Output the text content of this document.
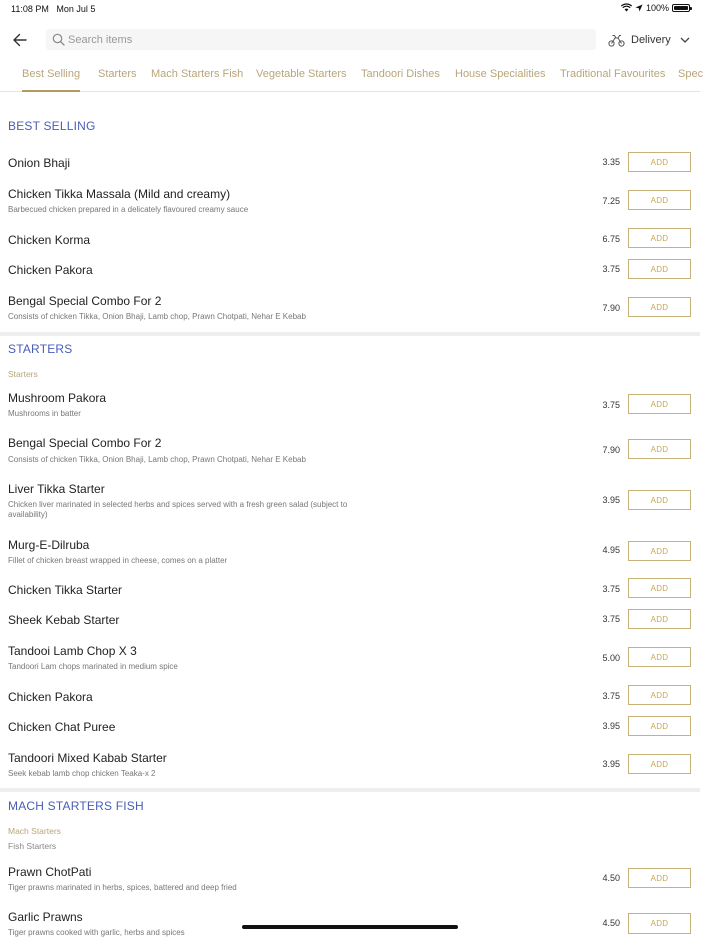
11:08 PM Mon Jul 5	100%
Search items
Delivery
Best Selling Starters Mach Starters Fish Vegetable Starters Tandoori Dishes House Specialities Traditional Favourites Spec
BEST SELLING
Onion Bhaji	3.35	ADD
Chicken Tikka Massala (Mild and creamy)
Barbecued chicken prepared in a delicately flavoured creamy sauce
7.25	ADD
Chicken Korma	6.75	ADD
Chicken Pakora	3.75	ADD
Bengal Special Combo For 2
Consists of chicken Tikka, Onion Bhaji, Lamb chop, Prawn Chotpati, Nehar E Kebab
7.90	ADD
STARTERS
Starters
Mushroom Pakora
Mushrooms in batter
3.75	ADD
Bengal Special Combo For 2
Consists of chicken Tikka, Onion Bhaji, Lamb chop, Prawn Chotpati, Nehar E Kebab
7.90	ADD
Liver Tikka Starter
Chicken liver marinated in selected herbs and spices served with a fresh green salad (subject to availability)
3.95	ADD
Murg-E-Dilruba
Fillet of chicken breast wrapped in cheese, comes on a platter
4.95	ADD
Chicken Tikka Starter	3.75	ADD
Sheek Kebab Starter	3.75	ADD
Tandooi Lamb Chop X 3
Tandoori Lam chops marinated in medium spice
5.00	ADD
Chicken Pakora	3.75	ADD
Chicken Chat Puree	3.95	ADD
Tandoori Mixed Kabab Starter
Seek kebab lamb chop chicken Teaka-x 2
3.95	ADD
MACH STARTERS FISH
Mach Starters
Fish Starters
Prawn ChotPati
Tiger prawns marinated in herbs, spices, battered and deep fried
4.50	ADD
Garlic Prawns
Tiger prawns cooked with garlic, herbs and spices
4.50	ADD
